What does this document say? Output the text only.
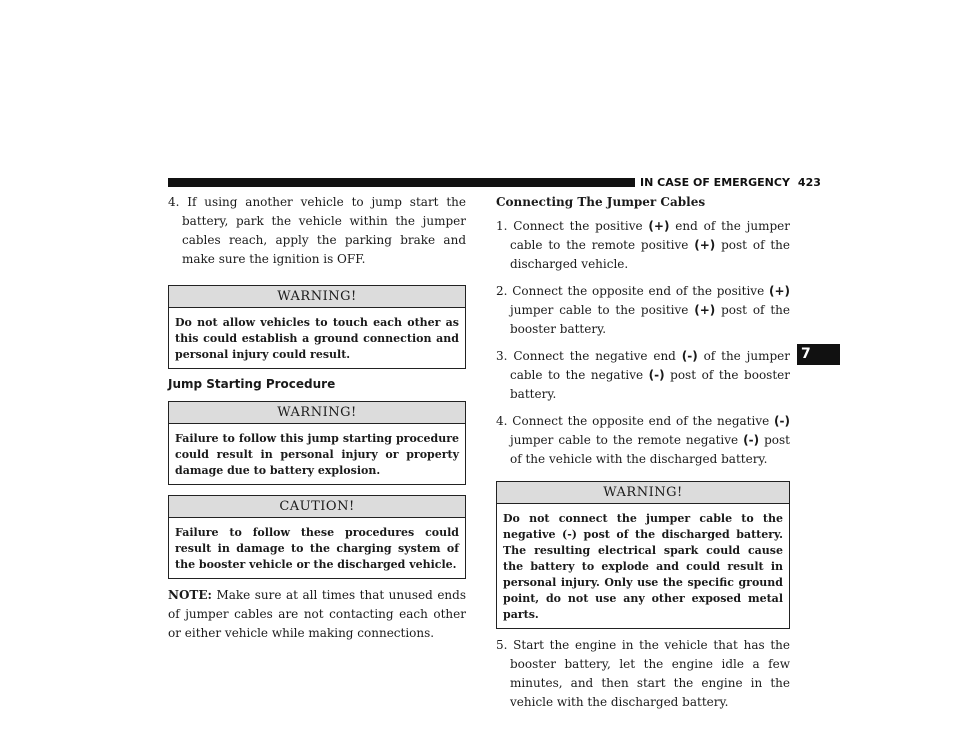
IN CASE OF EMERGENCY 423
7

4. If using another vehicle to jump start the battery, park the vehicle within the jumper cables reach, apply the parking brake and make sure the ignition is OFF.

WARNING!
Do not allow vehicles to touch each other as this could establish a ground connection and personal injury could result.

Jump Starting Procedure

WARNING!
Failure to follow this jump starting procedure could result in personal injury or property damage due to battery explosion.
CAUTION!
Failure to follow these procedures could result in damage to the charging system of the booster vehicle or the discharged vehicle.

NOTE: Make sure at all times that unused ends of jumper cables are not contacting each other or either vehicle while making connections.

Connecting The Jumper Cables

1. Connect the positive (+) end of the jumper cable to the remote positive (+) post of the discharged vehicle.

2. Connect the opposite end of the positive (+) jumper cable to the positive (+) post of the booster battery.

3. Connect the negative end (-) of the jumper cable to the negative (-) post of the booster battery.

4. Connect the opposite end of the negative (-) jumper cable to the remote negative (-) post of the vehicle with the discharged battery.

WARNING!
Do not connect the jumper cable to the negative (-) post of the discharged battery. The resulting electrical spark could cause the battery to explode and could result in personal injury. Only use the specific ground point, do not use any other exposed metal parts.

5. Start the engine in the vehicle that has the booster battery, let the engine idle a few minutes, and then start the engine in the vehicle with the discharged battery.
